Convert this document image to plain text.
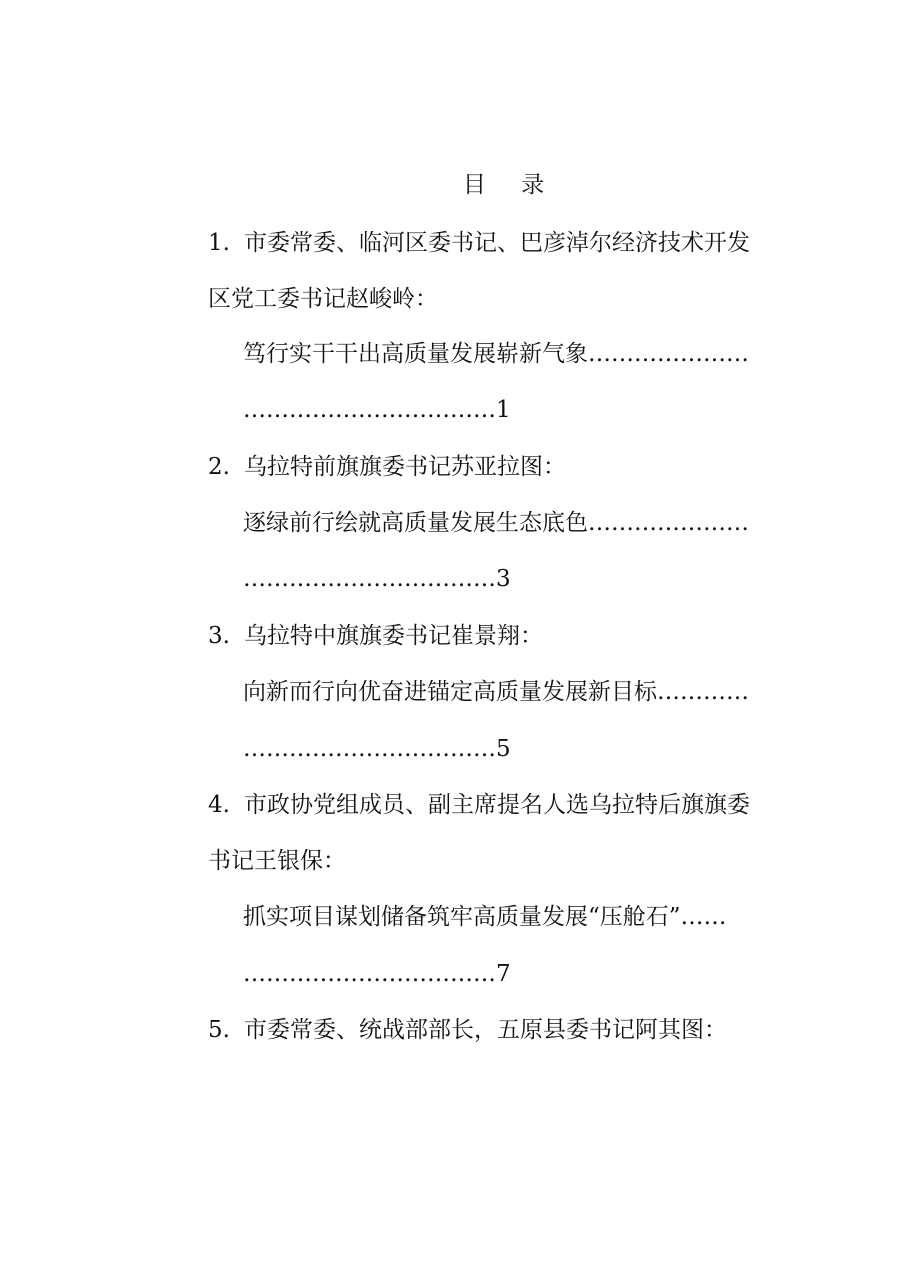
目 录
1. 市委常委、临河区委书记、巴彦淖尔经济技术开发
区党工委书记赵峻岭：
笃行实干干出高质量发展崭新气象…………………
……………………………1
2. 乌拉特前旗旗委书记苏亚拉图：
逐绿前行绘就高质量发展生态底色…………………
……………………………3
3. 乌拉特中旗旗委书记崔景翔：
向新而行向优奋进锚定高质量发展新目标…………
……………………………5
4. 市政协党组成员、副主席提名人选乌拉特后旗旗委
书记王银保：
抓实项目谋划储备筑牢高质量发展“压舱石”……
……………………………7
5. 市委常委、统战部部长，五原县委书记阿其图：
